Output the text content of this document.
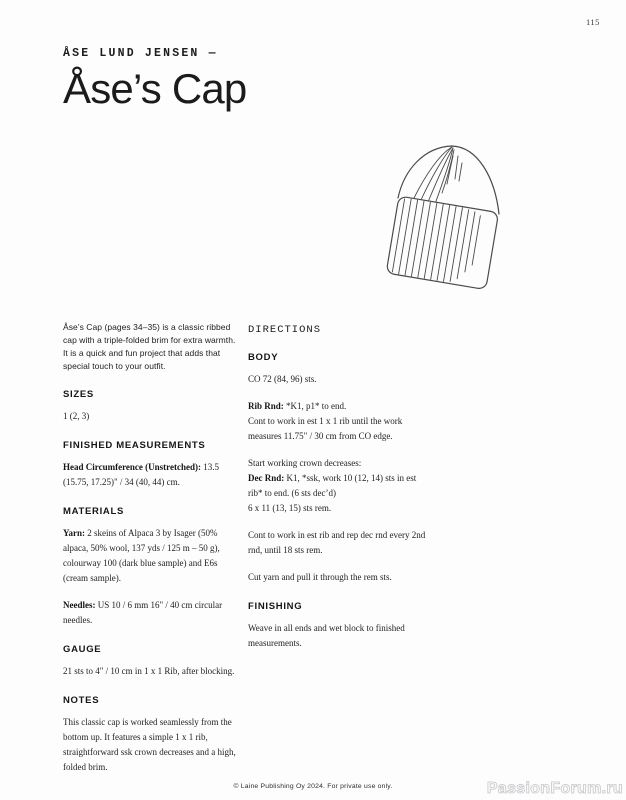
115
ÅSE LUND JENSEN —
Åse’s Cap

Åse’s Cap (pages 34–35) is a classic ribbed cap with a triple-folded brim for extra warmth. It is a quick and fun project that adds that special touch to your outfit.

SIZES

1 (2, 3)

FINISHED MEASUREMENTS

Head Circumference (Unstretched): 13.5 (15.75, 17.25)" / 34 (40, 44) cm.

MATERIALS

Yarn: 2 skeins of Alpaca 3 by Isager (50% alpaca, 50% wool, 137 yds / 125 m – 50 g), colourway 100 (dark blue sample) and E6s (cream sample).

Needles: US 10 / 6 mm 16" / 40 cm circular needles.

GAUGE

21 sts to 4" / 10 cm in 1 x 1 Rib, after blocking.

NOTES

This classic cap is worked seamlessly from the bottom up. It features a simple 1 x 1 rib, straightforward ssk crown decreases and a high, folded brim.

DIRECTIONS
BODY

CO 72 (84, 96) sts.

Rib Rnd: *K1, p1* to end.
Cont to work in est 1 x 1 rib until the work measures 11.75" / 30 cm from CO edge.

Start working crown decreases:
Dec Rnd: K1, *ssk, work 10 (12, 14) sts in est rib* to end. (6 sts dec’d)
6 x 11 (13, 15) sts rem.

Cont to work in est rib and rep dec rnd every 2nd rnd, until 18 sts rem.

Cut yarn and pull it through the rem sts.

FINISHING

Weave in all ends and wet block to finished measurements.

© Laine Publishing Oy 2024. For private use only.	PassionForum.ru
